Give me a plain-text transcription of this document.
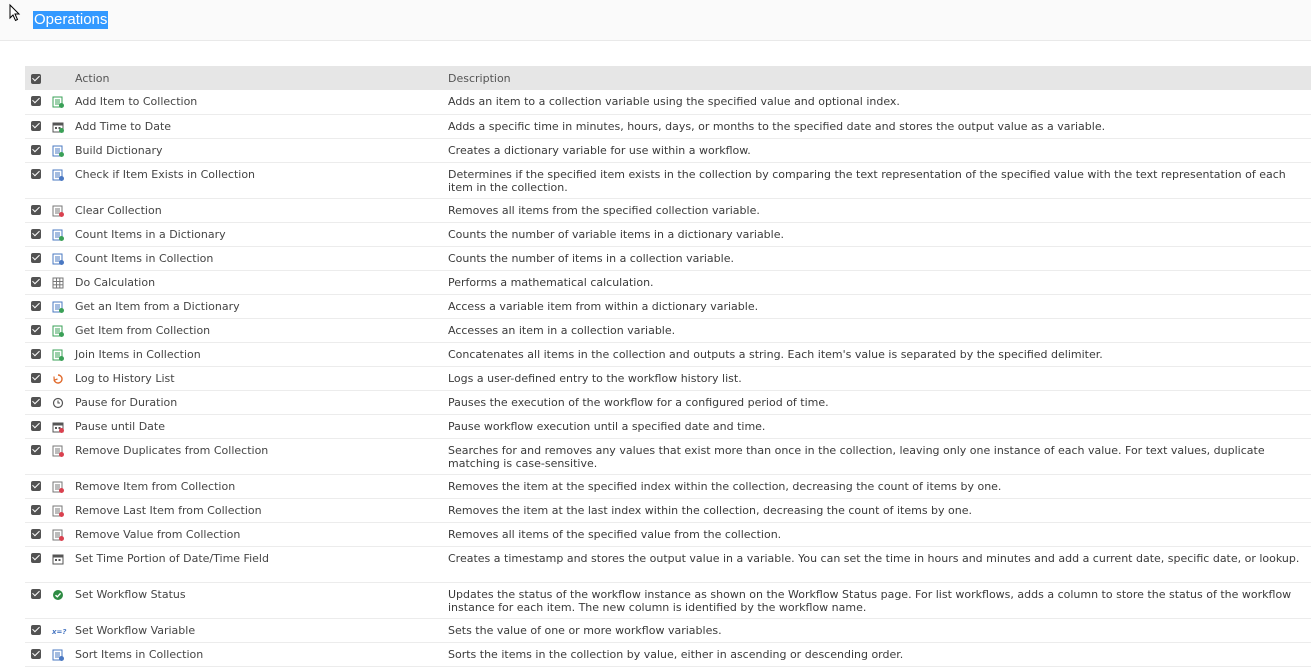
Operations
		Action	Description

	Add Item to Collection	Adds an item to a collection variable using the specified value and optional index.

	Add Time to Date	Adds a specific time in minutes, hours, days, or months to the specified date and stores the output value as a variable.

	Build Dictionary	Creates a dictionary variable for use within a workflow.

	Check if Item Exists in Collection	Determines if the specified item exists in the collection by comparing the text representation of the specified value with the text representation of each item in the collection.

	Clear Collection	Removes all items from the specified collection variable.

	Count Items in a Dictionary	Counts the number of variable items in a dictionary variable.

	Count Items in Collection	Counts the number of items in a collection variable.

	Do Calculation	Performs a mathematical calculation.

	Get an Item from a Dictionary	Access a variable item from within a dictionary variable.

	Get Item from Collection	Accesses an item in a collection variable.

	Join Items in Collection	Concatenates all items in the collection and outputs a string. Each item's value is separated by the specified delimiter.

	Log to History List	Logs a user-defined entry to the workflow history list.

	Pause for Duration	Pauses the execution of the workflow for a configured period of time.

	Pause until Date	Pause workflow execution until a specified date and time.

	Remove Duplicates from Collection	Searches for and removes any values that exist more than once in the collection, leaving only one instance of each value. For text values, duplicate matching is case-sensitive.

	Remove Item from Collection	Removes the item at the specified index within the collection, decreasing the count of items by one.

	Remove Last Item from Collection	Removes the item at the last index within the collection, decreasing the count of items by one.

	Remove Value from Collection	Removes all items of the specified value from the collection.

	Set Time Portion of Date/Time Field	Creates a timestamp and stores the output value in a variable. You can set the time in hours and minutes and add a current date, specific date, or lookup.

	Set Workflow Status	Updates the status of the workflow instance as shown on the Workflow Status page. For list workflows, adds a column to store the status of the workflow instance for each item. The new column is identified by the workflow name.

x=?	Set Workflow Variable	Sets the value of one or more workflow variables.

	Sort Items in Collection	Sorts the items in the collection by value, either in ascending or descending order.
